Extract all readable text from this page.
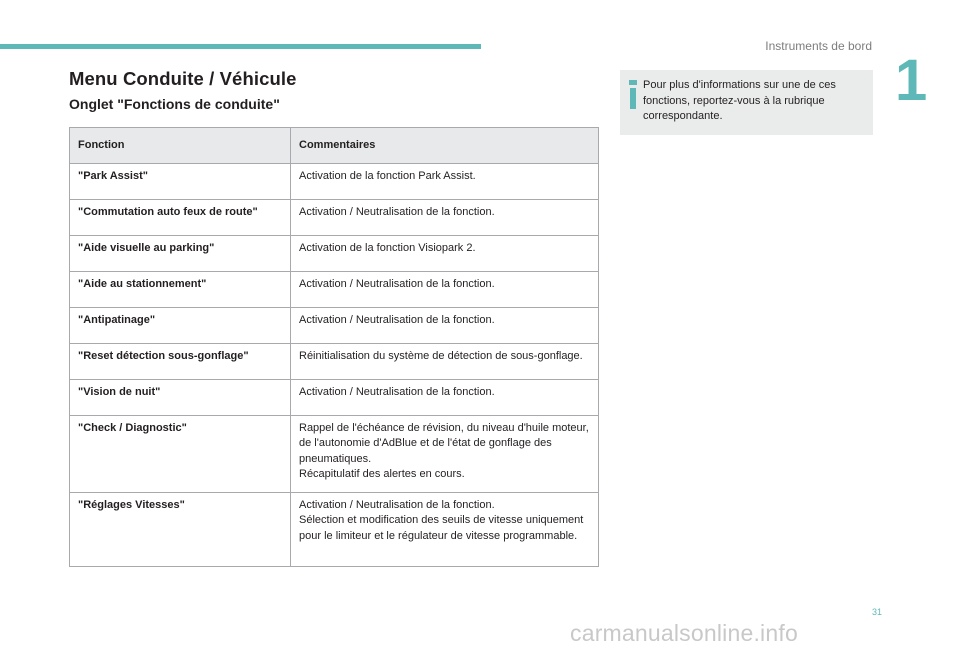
Instruments de bord
1
Menu Conduite / Véhicule
Onglet "Fonctions de conduite"
Fonction	Commentaires
"Park Assist"	Activation de la fonction Park Assist.

"Commutation auto feux de route"	Activation / Neutralisation de la fonction.

"Aide visuelle au parking"	Activation de la fonction Visiopark 2.

"Aide au stationnement"	Activation / Neutralisation de la fonction.

"Antipatinage"	Activation / Neutralisation de la fonction.

"Reset détection sous-gonflage"	Réinitialisation du système de détection de sous-gonflage.

"Vision de nuit"	Activation / Neutralisation de la fonction.

"Check / Diagnostic"	Rappel de l'échéance de révision, du niveau d'huile moteur, de l'autonomie d'AdBlue et de l'état de gonflage des pneumatiques.
Récapitulatif des alertes en cours.

"Réglages Vitesses"	Activation / Neutralisation de la fonction.
Sélection et modification des seuils de vitesse uniquement pour le limiteur et le régulateur de vitesse programmable.
Pour plus d'informations sur une de ces fonctions, reportez-vous à la rubrique correspondante.
31
carmanualsonline.info
